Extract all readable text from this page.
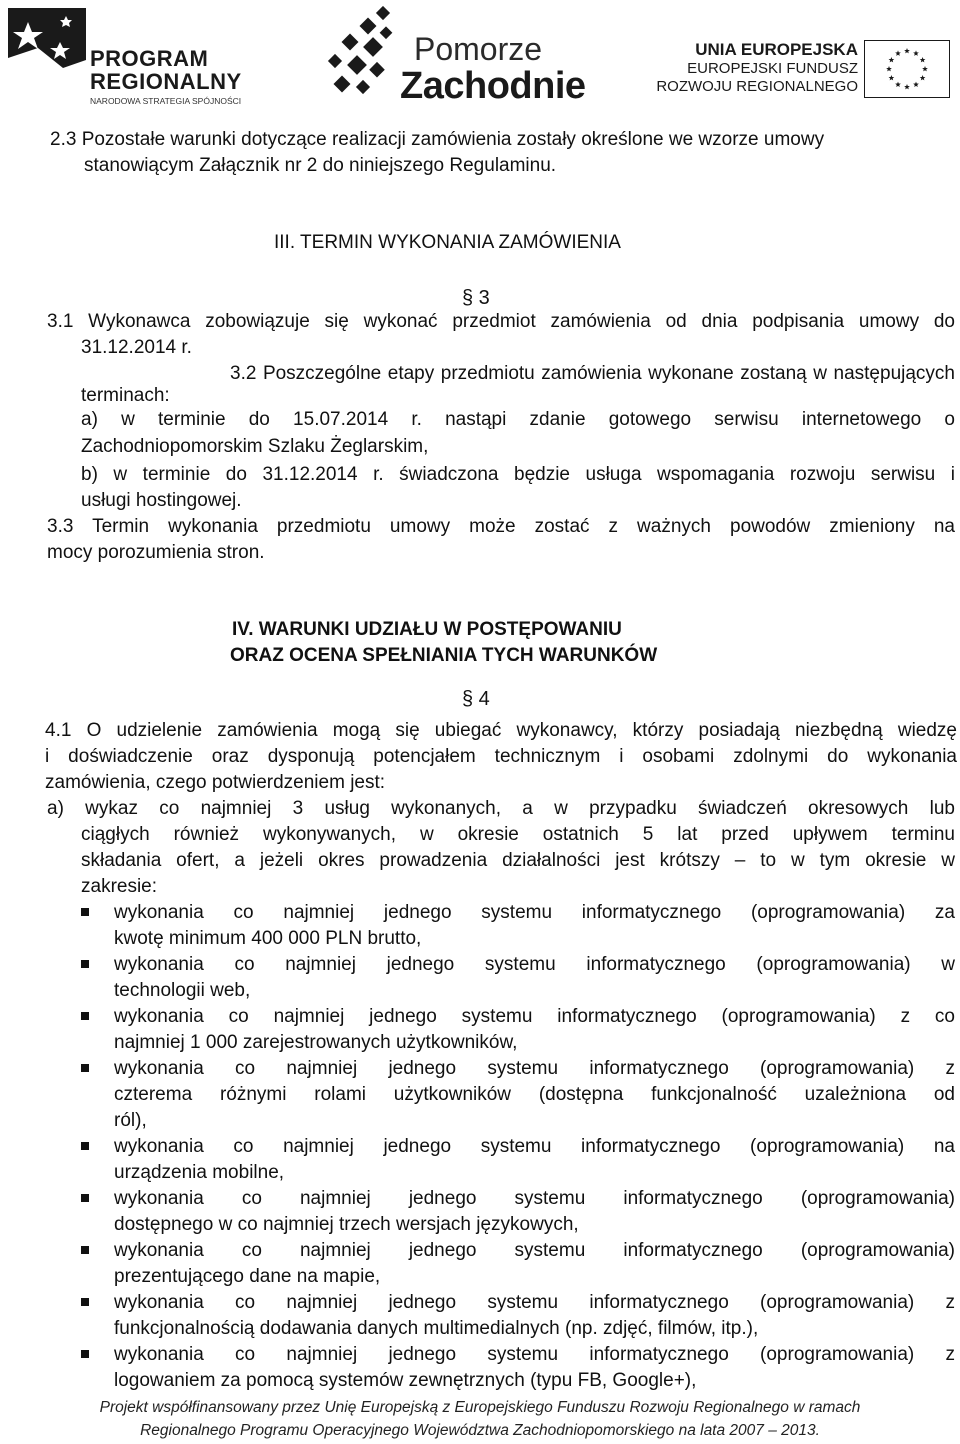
PROGRAM
REGIONALNY
NARODOWA STRATEGIA SPÓJNOŚCI
Pomorze
Zachodnie
UNIA EUROPEJSKA
EUROPEJSKI FUNDUSZ
ROZWOJU REGIONALNEGO
2.3 Pozostałe warunki dotyczące realizacji zamówienia zostały określone we wzorze umowy
stanowiącym Załącznik nr 2 do niniejszego Regulaminu.
III. TERMIN WYKONANIA ZAMÓWIENIA
§ 3
3.1 Wykonawca zobowiązuje się wykonać przedmiot zamówienia od dnia podpisania umowy do
31.12.2014 r.
3.2 Poszczególne etapy przedmiotu zamówienia wykonane zostaną w następujących
terminach:
a) w terminie do 15.07.2014 r. nastąpi zdanie gotowego serwisu internetowego o
Zachodniopomorskim Szlaku Żeglarskim,
b) w terminie do 31.12.2014 r. świadczona będzie usługa wspomagania rozwoju serwisu i
usługi hostingowej.
3.3 Termin wykonania przedmiotu umowy może zostać z ważnych powodów zmieniony na
mocy porozumienia stron.
IV. WARUNKI UDZIAŁU W POSTĘPOWANIU
ORAZ OCENA SPEŁNIANIA TYCH WARUNKÓW
§ 4
4.1 O udzielenie zamówienia mogą się ubiegać wykonawcy, którzy posiadają niezbędną wiedzę
i doświadczenie oraz dysponują potencjałem technicznym i osobami zdolnymi do wykonania
zamówienia, czego potwierdzeniem jest:
a) wykaz co najmniej 3 usług wykonanych, a w przypadku świadczeń okresowych lub
ciągłych również wykonywanych, w okresie ostatnich 5 lat przed upływem terminu
składania ofert, a jeżeli okres prowadzenia działalności jest krótszy – to w tym okresie w
zakresie:
wykonania co najmniej jednego systemu informatycznego (oprogramowania) za
kwotę minimum 400 000 PLN brutto,
wykonania co najmniej jednego systemu informatycznego (oprogramowania) w
technologii web,
wykonania co najmniej jednego systemu informatycznego (oprogramowania) z co
najmniej 1 000 zarejestrowanych użytkowników,
wykonania co najmniej jednego systemu informatycznego (oprogramowania) z
czterema różnymi rolami użytkowników (dostępna funkcjonalność uzależniona od
ról),
wykonania co najmniej jednego systemu informatycznego (oprogramowania) na
urządzenia mobilne,
wykonania co najmniej jednego systemu informatycznego (oprogramowania)
dostępnego w co najmniej trzech wersjach językowych,
wykonania co najmniej jednego systemu informatycznego (oprogramowania)
prezentującego dane na mapie,
wykonania co najmniej jednego systemu informatycznego (oprogramowania) z
funkcjonalnością dodawania danych multimedialnych (np. zdjęć, filmów, itp.),
wykonania co najmniej jednego systemu informatycznego (oprogramowania) z
logowaniem za pomocą systemów zewnętrznych (typu FB, Google+),
Projekt współfinansowany przez Unię Europejską z Europejskiego Funduszu Rozwoju Regionalnego w ramach
Regionalnego Programu Operacyjnego Województwa Zachodniopomorskiego na lata 2007 – 2013.
